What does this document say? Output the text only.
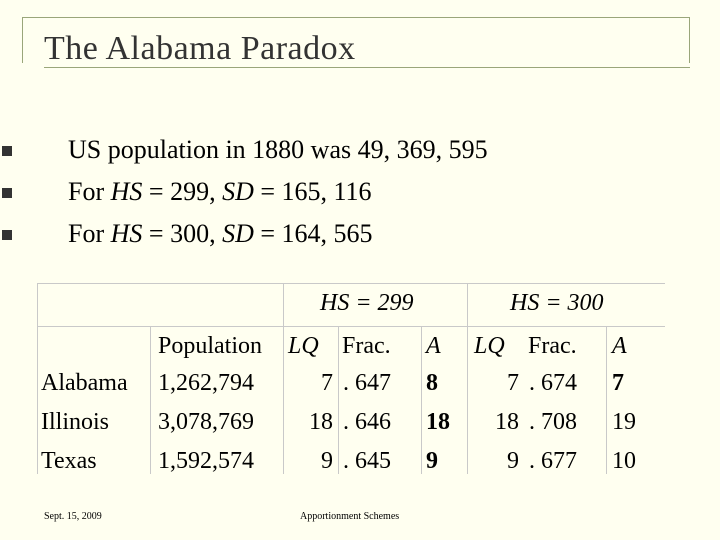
The Alabama Paradox
US population in 1880 was 49, 369, 595
For HS = 299, SD = 165, 116
For HS = 300, SD = 164, 565
HS = 299	HS = 300
Population LQ Frac. A LQ Frac. A
Alabama 1,262,794	7 . 647 8	7 . 674 7
Illinois 3,078,769	18 . 646 18	18 . 708 19
Texas	1,592,574	9 . 645 9	9 . 677 10
Sept. 15, 2009	Apportionment Schemes
